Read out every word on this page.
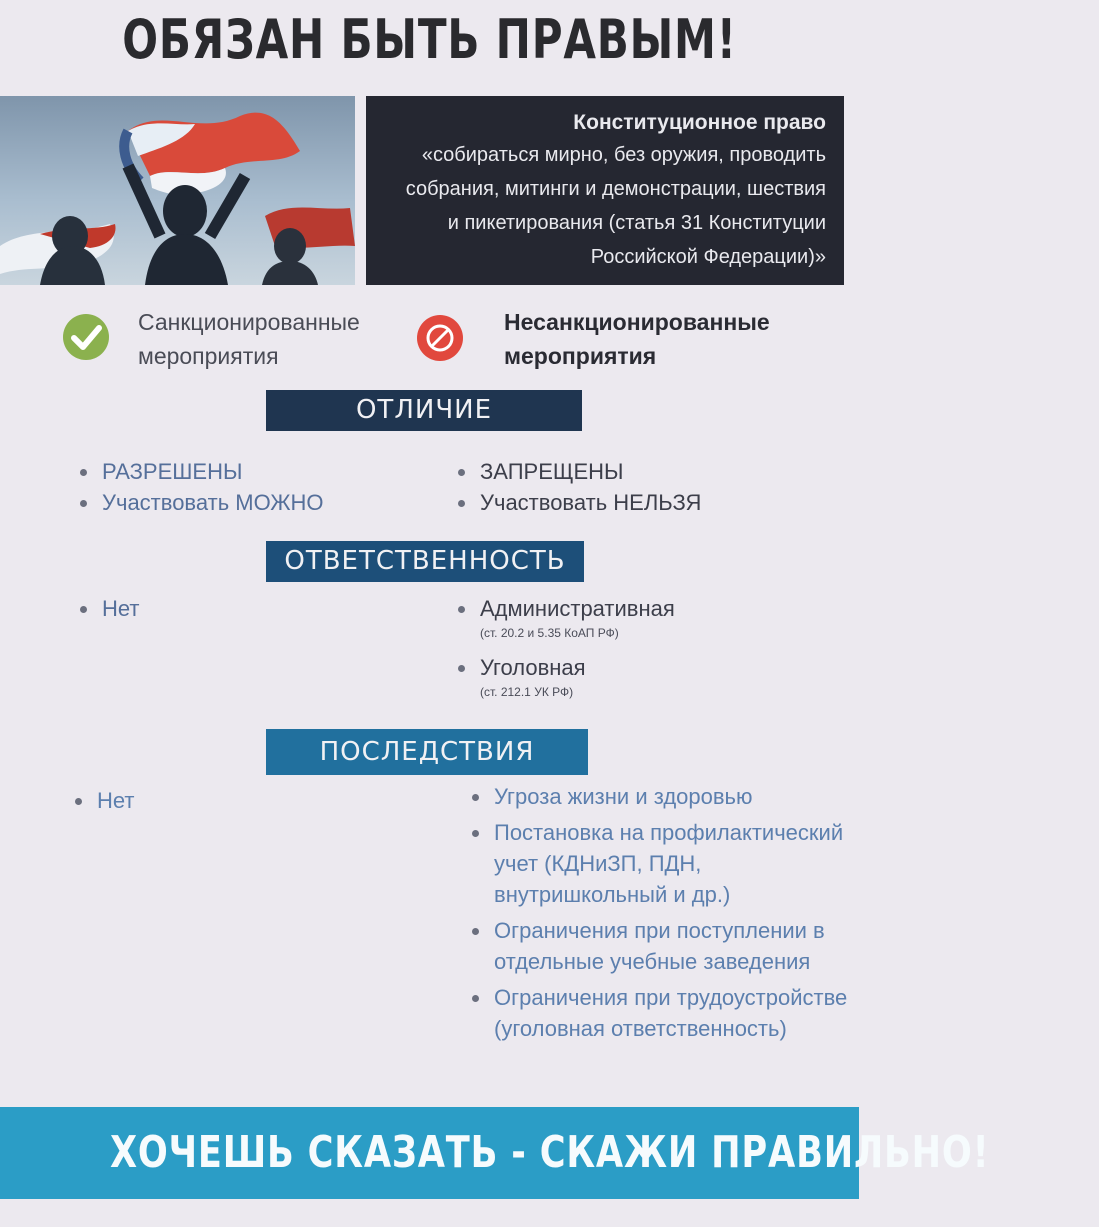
ОБЯЗАН БЫТЬ ПРАВЫМ!
Конституционное право
«собираться мирно, без оружия, проводить
собрания, митинги и демонстрации, шествия
и пикетирования (статья 31 Конституции
Российской Федерации)»
Санкционированные
мероприятия
Несанкционированные
мероприятия
ОТЛИЧИЕ
РАЗРЕШЕНЫ
Участвовать МОЖНО
ЗАПРЕЩЕНЫ
Участвовать НЕЛЬЗЯ
ОТВЕТСТВЕННОСТЬ
Нет	Административная
(ст. 20.2 и 5.35 КоАП РФ)
Уголовная
(ст. 212.1 УК РФ)
ПОСЛЕДСТВИЯ
Нет	Угроза жизни и здоровью
Постановка на профилактический
учет (КДНиЗП, ПДН,
внутришкольный и др.)
Ограничения при поступлении в
отдельные учебные заведения
Ограничения при трудоустройстве
(уголовная ответственность)
ХОЧЕШЬ СКАЗАТЬ - СКАЖИ ПРАВИЛЬНО!
